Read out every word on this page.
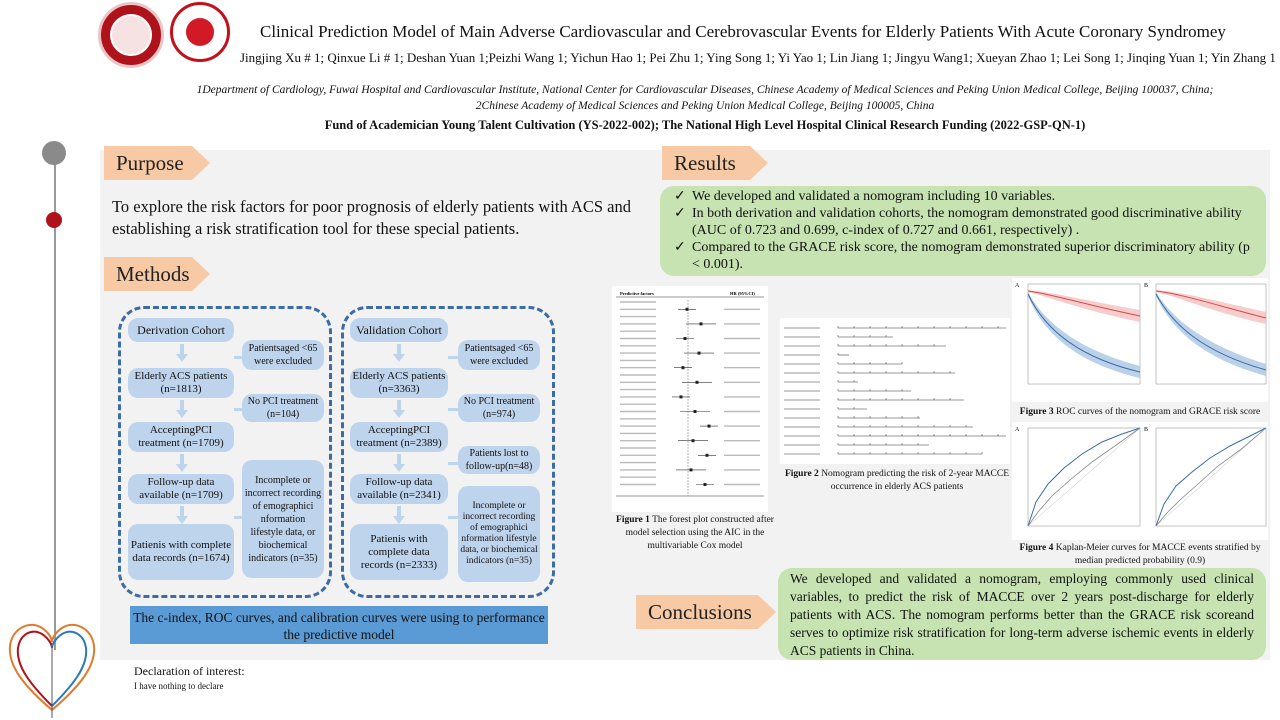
Clinical Prediction Model of Main Adverse Cardiovascular and Cerebrovascular Events for Elderly Patients With Acute Coronary Syndromey
Jingjing Xu # 1; Qinxue Li # 1; Deshan Yuan 1;Peizhi Wang 1; Yichun Hao 1; Pei Zhu 1; Ying Song 1; Yi Yao 1; Lin Jiang 1; Jingyu Wang1; Xueyan Zhao 1; Lei Song 1; Jinqing Yuan 1; Yin Zhang 1
1Department of Cardiology, Fuwai Hospital and Cardiovascular Institute, National Center for Cardiovascular Diseases, Chinese Academy of Medical Sciences and Peking Union Medical College, Beijing 100037, China;
2Chinese Academy of Medical Sciences and Peking Union Medical College, Beijing 100005, China
Fund of Academician Young Talent Cultivation (YS-2022-002); The National High Level Hospital Clinical Research Funding (2022-GSP-QN-1)
Purpose
To explore the risk factors for poor prognosis of elderly patients with ACS and establishing a risk stratification tool for these special patients.
Methods
Derivation Cohort
Elderly ACS patients (n=1813)
AcceptingPCI treatment (n=1709)
Follow-up data available (n=1709)
Patienis with complete data records (n=1674)
Patientsaged <65 were excluded
No PCI treatment (n=104)
Incomplete or incorrect recording of emographici nformation lifestyle data, or biochemical indicators (n=35)
Validation Cohort
Elderly ACS patients (n=3363)
AcceptingPCI treatment (n=2389)
Follow-up data available (n=2341)
Patienis with complete data records (n=2333)
Patientsaged <65 were excluded
No PCI treatment (n=974)
Patients lost to follow-up(n=48)
Incomplete or incorrect recording of emographici nformation lifestyle data, or biochemical indicators (n=35)
The c-index, ROC curves, and calibration curves were using to performance the predictive model
Results
✓ We developed and validated a nomogram including 10 variables.
✓ In both derivation and validation cohorts, the nomogram demonstrated good discriminative ability (AUC of 0.723 and 0.699, c-index of 0.727 and 0.661, respectively) .
✓ Compared to the GRACE risk score, the nomogram demonstrated superior discriminatory ability (p < 0.001).
Predictive factors	HR (95%CI)
Figure 1 The forest plot constructed after model selection using the AIC in the multivariable Cox model
Figure 2 Nomogram predicting the risk of 2-year MACCE occurrence in elderly ACS patients
A	B
Figure 3 ROC curves of the nomogram and GRACE risk score
A	B
Figure 4 Kaplan-Meier curves for MACCE events stratified by median predicted probability (0.9)
Conclusions
We developed and validated a nomogram, employing commonly used clinical variables, to predict the risk of MACCE over 2 years post-discharge for elderly patients with ACS. The nomogram performs better than the GRACE risk scoreand serves to optimize risk stratification for long-term adverse ischemic events in elderly ACS patients in China.
Declaration of interest:
I have nothing to declare
